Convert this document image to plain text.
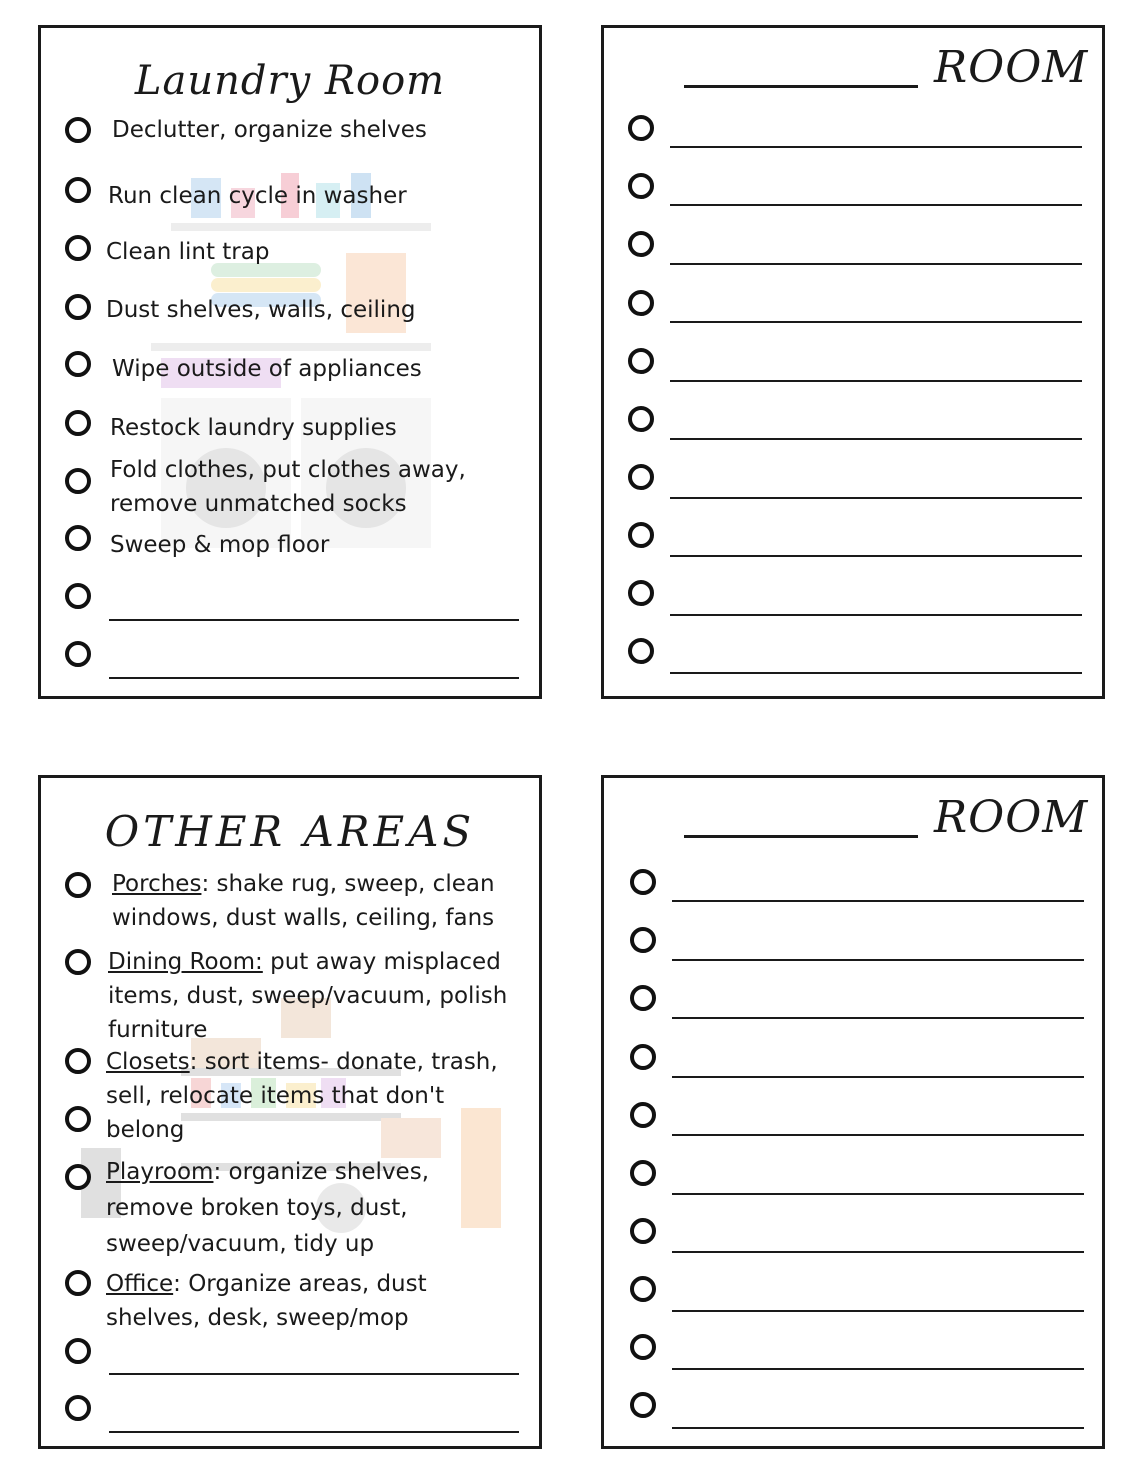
Laundry Room
Declutter, organize shelves
Run clean cycle in washer
Clean lint trap
Dust shelves, walls, ceiling
Wipe outside of appliances
Restock laundry supplies
Fold clothes, put clothes away, remove unmatched socks
Sweep & mop floor
ROOM
OTHER AREAS
Porches: shake rug, sweep, clean windows, dust walls, ceiling, fans
Dining Room: put away misplaced items, dust, sweep/vacuum, polish furniture
Closets: sort items- donate, trash, sell, relocate items that don't belong
Playroom: organize shelves, remove broken toys, dust, sweep/vacuum, tidy up
Office: Organize areas, dust shelves, desk, sweep/mop
ROOM
